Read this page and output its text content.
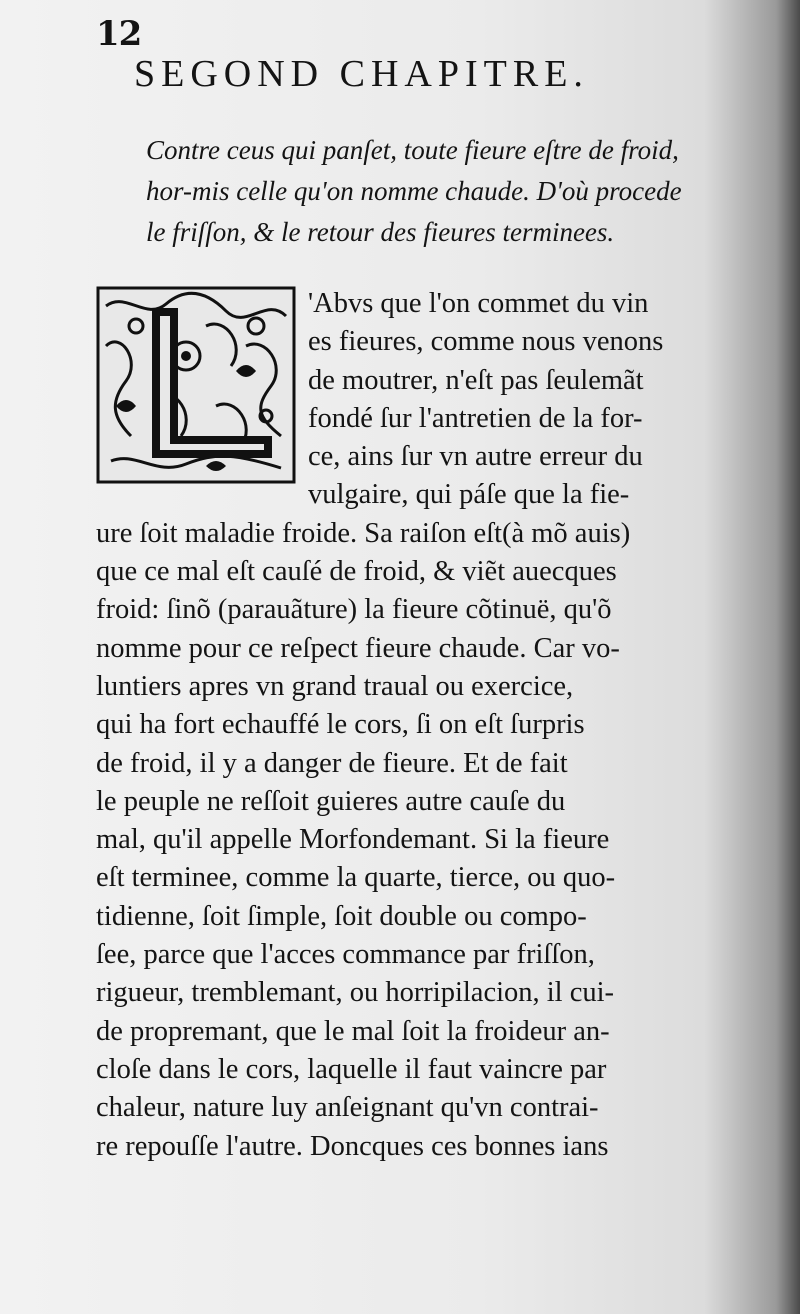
12
SEGOND CHAPITRE.
Contre ceus qui panſet, toute fieure eſtre de froid,
hor-mis celle qu'on nomme chaude. D'où procede
le friſſon, & le retour des fieures terminees.
'Abvs que l'on commet du vin
es fieures, comme nous venons
de moutrer, n'eſt pas ſeulemãt
fondé ſur l'antretien de la for-
ce, ains ſur vn autre erreur du
vulgaire, qui páſe que la fie-
ure ſoit maladie froide. Sa raiſon eſt(à mõ auis)
que ce mal eſt cauſé de froid, & viẽt auecques
froid: ſinõ (parauãture) la fieure cõtinuë, qu'õ
nomme pour ce reſpect fieure chaude. Car vo-
luntiers apres vn grand traual ou exercice,
qui ha fort echauffé le cors, ſi on eſt ſurpris
de froid, il y a danger de fieure. Et de fait
le peuple ne reſſoit guieres autre cauſe du
mal, qu'il appelle Morfondemant. Si la fieure
eſt terminee, comme la quarte, tierce, ou quo-
tidienne, ſoit ſimple, ſoit double ou compo-
ſee, parce que l'acces commance par friſſon,
rigueur, tremblemant, ou horripilacion, il cui-
de propremant, que le mal ſoit la froideur an-
cloſe dans le cors, laquelle il faut vaincre par
chaleur, nature luy anſeignant qu'vn contrai-
re repouſſe l'autre. Doncques ces bonnes ians
